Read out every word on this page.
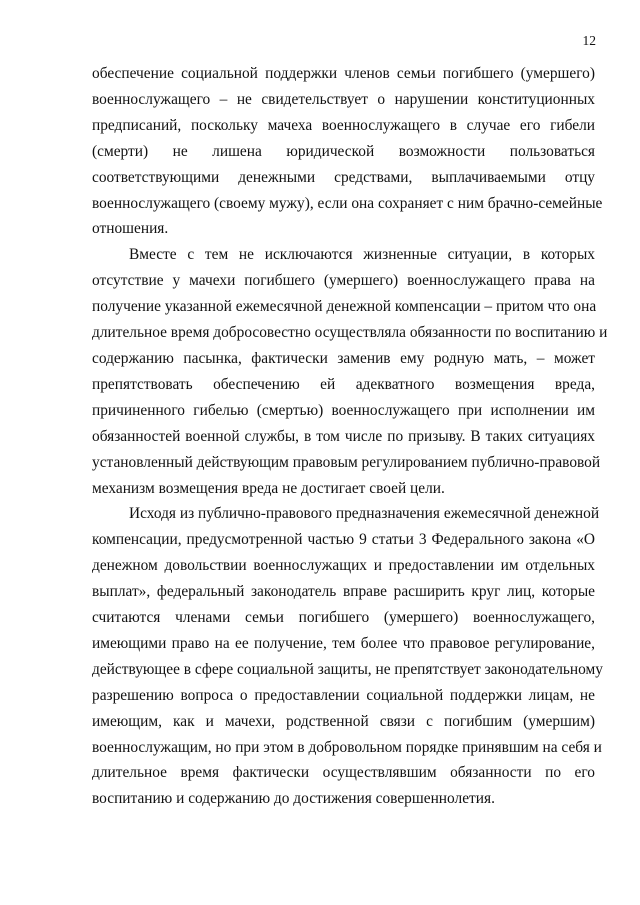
12
обеспечение социальной поддержки членов семьи погибшего (умершего)
военнослужащего – не свидетельствует о нарушении конституционных
предписаний, поскольку мачеха военнослужащего в случае его гибели
(смерти) не лишена юридической возможности пользоваться
соответствующими денежными средствами, выплачиваемыми отцу
военнослужащего (своему мужу), если она сохраняет с ним брачно-семейные
отношения.
Вместе с тем не исключаются жизненные ситуации, в которых
отсутствие у мачехи погибшего (умершего) военнослужащего права на
получение указанной ежемесячной денежной компенсации – притом что она
длительное время добросовестно осуществляла обязанности по воспитанию и
содержанию пасынка, фактически заменив ему родную мать, – может
препятствовать обеспечению ей адекватного возмещения вреда,
причиненного гибелью (смертью) военнослужащего при исполнении им
обязанностей военной службы, в том числе по призыву. В таких ситуациях
установленный действующим правовым регулированием публично-правовой
механизм возмещения вреда не достигает своей цели.
Исходя из публично-правового предназначения ежемесячной денежной
компенсации, предусмотренной частью 9 статьи 3 Федерального закона «О
денежном довольствии военнослужащих и предоставлении им отдельных
выплат», федеральный законодатель вправе расширить круг лиц, которые
считаются членами семьи погибшего (умершего) военнослужащего,
имеющими право на ее получение, тем более что правовое регулирование,
действующее в сфере социальной защиты, не препятствует законодательному
разрешению вопроса о предоставлении социальной поддержки лицам, не
имеющим, как и мачехи, родственной связи с погибшим (умершим)
военнослужащим, но при этом в добровольном порядке принявшим на себя и
длительное время фактически осуществлявшим обязанности по его
воспитанию и содержанию до достижения совершеннолетия.
